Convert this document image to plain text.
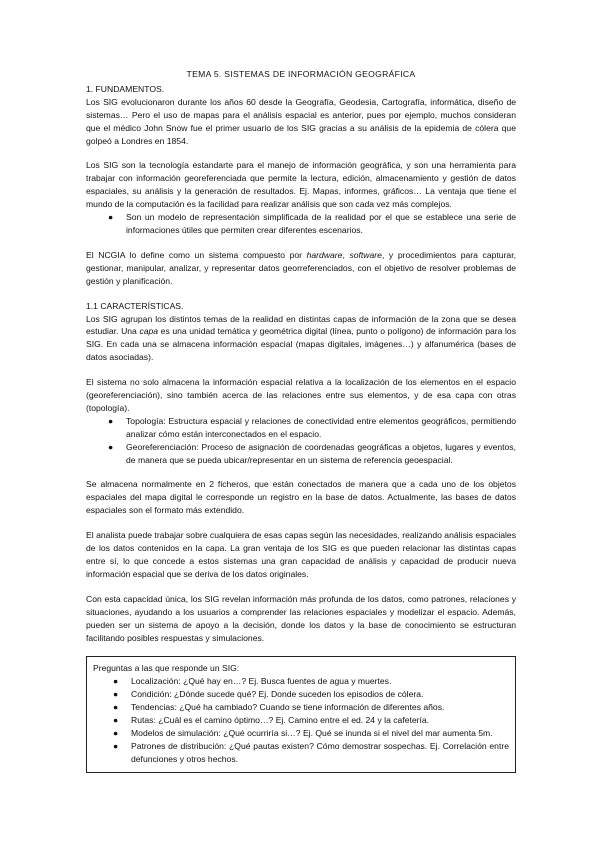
TEMA 5. SISTEMAS DE INFORMACIÓN GEOGRÁFICA
1. FUNDAMENTOS.

Los SIG evolucionaron durante los años 60 desde la Geografía, Geodesia, Cartografía, informática, diseño de sistemas… Pero el uso de mapas para el análisis espacial es anterior, pues por ejemplo, muchos consideran que el médico John Snow fue el primer usuario de los SIG gracias a su análisis de la epidemia de cólera que golpeó a Londres en 1854.

Los SIG son la tecnología estandarte para el manejo de información geográfica, y son una herramienta para trabajar con información georeferenciada que permite la lectura, edición, almacenamiento y gestión de datos espaciales, su análisis y la generación de resultados. Ej. Mapas, informes, gráficos… La ventaja que tiene el mundo de la computación es la facilidad para realizar análisis que son cada vez más complejos.

● Son un modelo de representación simplificada de la realidad por el que se establece una serie de informaciones útiles que permiten crear diferentes escenarios.

El NCGIA lo define como un sistema compuesto por hardware, software, y procedimientos para capturar, gestionar, manipular, analizar, y representar datos georreferenciados, con el objetivo de resolver problemas de gestión y planificación.

1.1 CARACTERÍSTICAS.

Los SIG agrupan los distintos temas de la realidad en distintas capas de información de la zona que se desea estudiar. Una capa es una unidad temática y geométrica digital (línea, punto o polígono) de información para los SIG. En cada una se almacena información espacial (mapas digitales, imágenes…) y alfanumérica (bases de datos asociadas).

El sistema no solo almacena la información espacial relativa a la localización de los elementos en el espacio (georeferenciación), sino también acerca de las relaciones entre sus elementos, y de esa capa con otras (topología).

● Topología: Estructura espacial y relaciones de conectividad entre elementos geográficos, permitiendo analizar cómo están interconectados en el espacio.
● Georeferenciación: Proceso de asignación de coordenadas geográficas a objetos, lugares y eventos, de manera que se pueda ubicar/representar en un sistema de referencia geoespacial.

Se almacena normalmente en 2 ficheros, que están conectados de manera que a cada uno de los objetos espaciales del mapa digital le corresponde un registro en la base de datos. Actualmente, las bases de datos espaciales son el formato más extendido.

El analista puede trabajar sobre cualquiera de esas capas según las necesidades, realizando análisis espaciales de los datos contenidos en la capa. La gran ventaja de los SIG es que pueden relacionar las distintas capas entre sí, lo que concede a estos sistemas una gran capacidad de análisis y capacidad de producir nueva información espacial que se deriva de los datos originales.

Con esta capacidad única, los SIG revelan información más profunda de los datos, como patrones, relaciones y situaciones, ayudando a los usuarios a comprender las relaciones espaciales y modelizar el espacio. Además, pueden ser un sistema de apoyo a la decisión, donde los datos y la base de conocimiento se estructuran facilitando posibles respuestas y simulaciones.

Preguntas a las que responde un SIG:
● Localización: ¿Qué hay en…? Ej. Busca fuentes de agua y muertes.
● Condición: ¿Dónde sucede qué? Ej. Donde suceden los episodios de cólera.
● Tendencias: ¿Qué ha cambiado? Cuando se tiene información de diferentes años.
● Rutas: ¿Cuál es el camino óptimo…? Ej. Camino entre el ed. 24 y la cafetería.
● Modelos de simulación: ¿Qué ocurriría si…? Ej. Qué se inunda si el nivel del mar aumenta 5m.
● Patrones de distribución: ¿Qué pautas existen? Cómo demostrar sospechas. Ej. Correlación entre defunciones y otros hechos.
